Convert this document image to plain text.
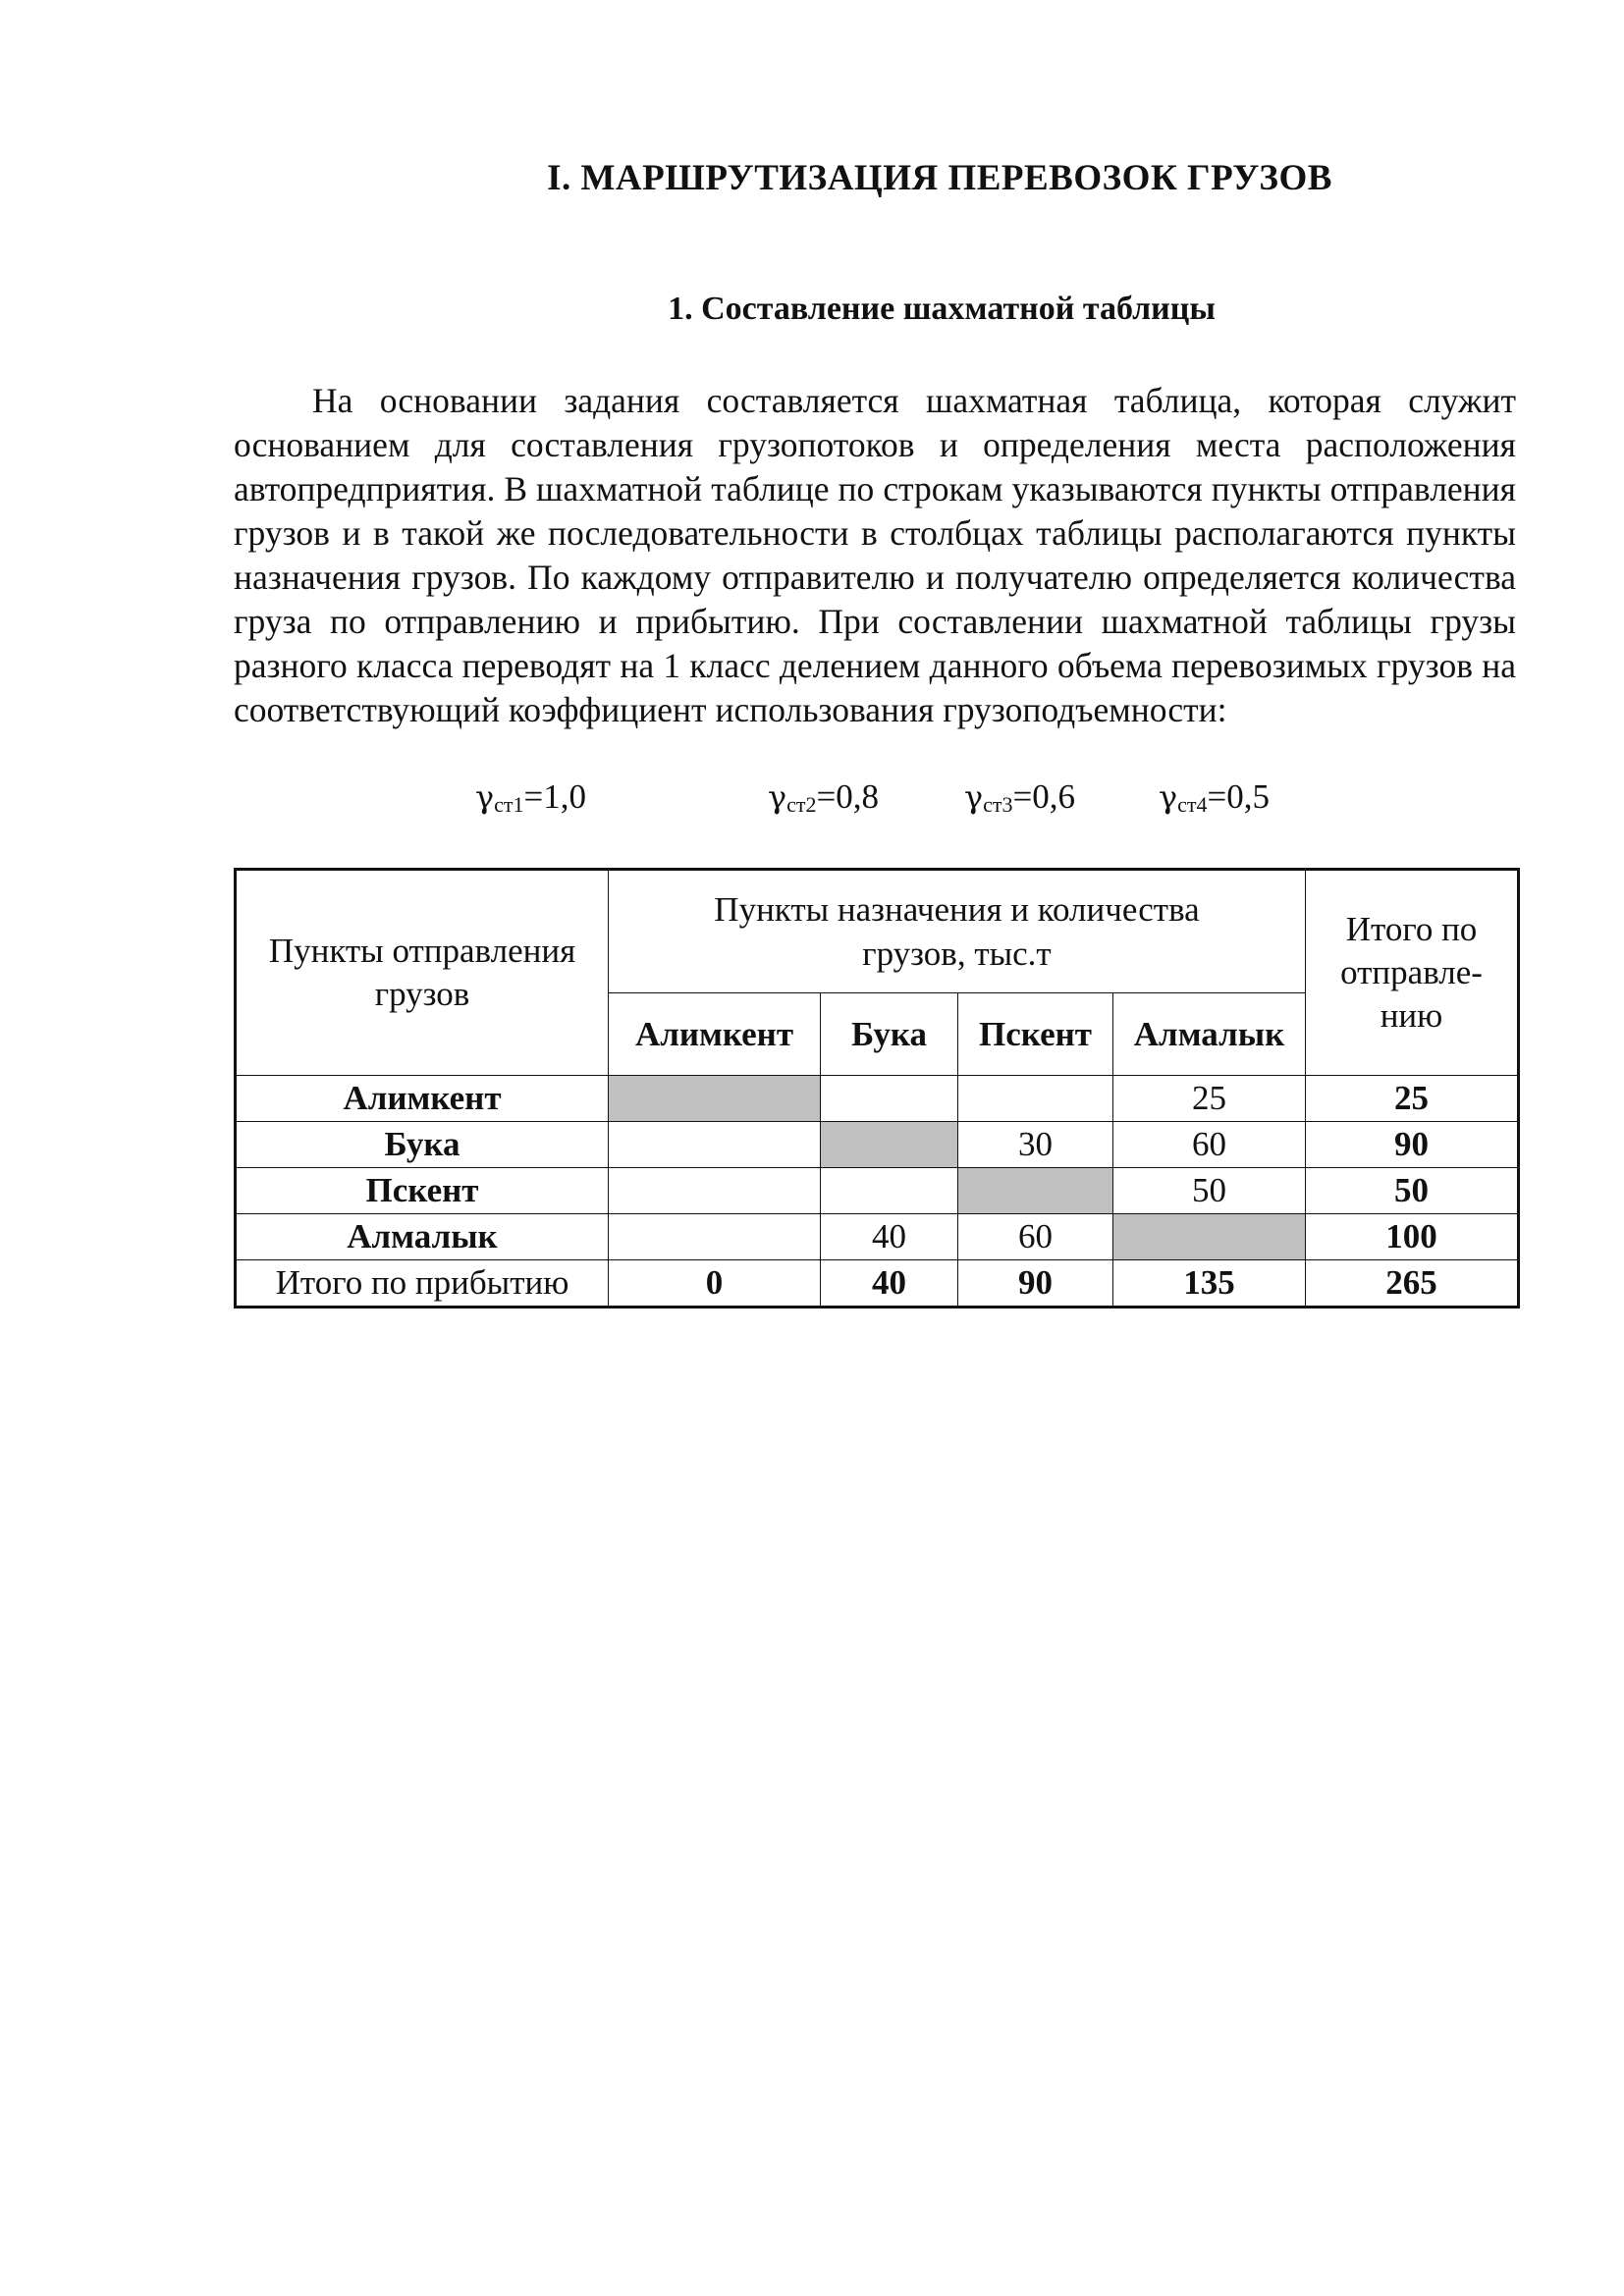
I. МАРШРУТИЗАЦИЯ ПЕРЕВОЗОК ГРУЗОВ
1. Составление шахматной таблицы

На основании задания составляется шахматная таблица, которая служит основанием для составления грузопотоков и определения места расположения автопредприятия. В шахматной таблице по строкам указываются пункты отправления грузов и в такой же последовательности в столбцах таблицы располагаются пункты назначения грузов. По каждому отправителю и получателю определяется количества груза по отправлению и прибытию. При составлении шахматной таблицы грузы разного класса переводят на 1 класс делением данного объема перевозимых грузов на соответствующий коэффициент использования грузоподъемности:

$\gamma_{ст1}=1,0$	$\gamma_{ст2}=0,8$	$\gamma_{ст3}=0,6$	$\gamma_{ст4}=0,5$
Пункты отправления грузов	Пункты назначения и количества грузов, тыс.т				Итого по отправле-нию
	Алимкент	Бука	Пскент	Алмалык	
Алимкент				25	25
Бука			30	60	90
Пскент				50	50
Алмалык		40	60		100
Итого по прибытию	0	40	90	135	265
